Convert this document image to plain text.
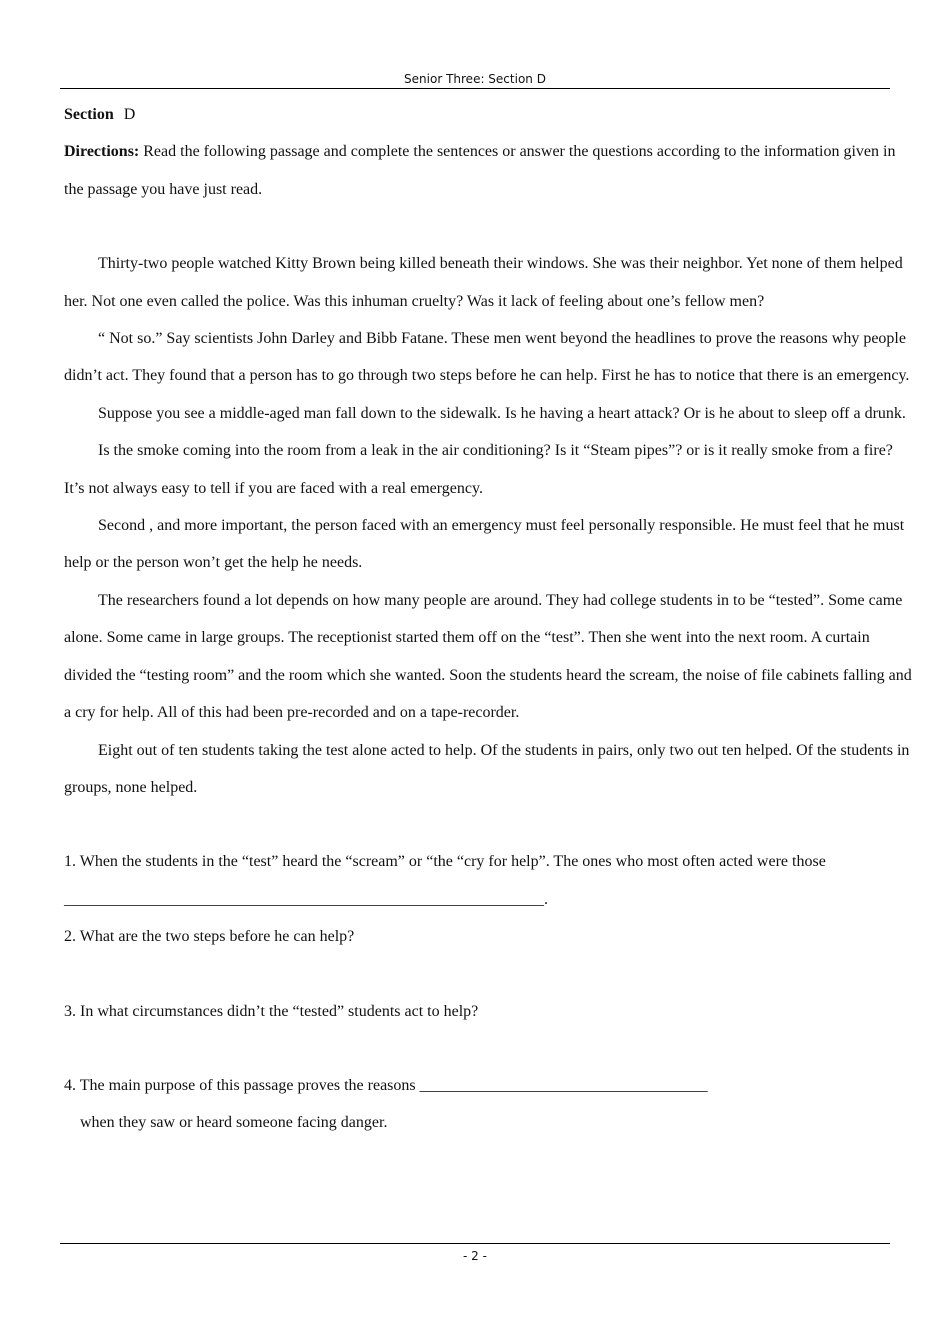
Senior Three: Section D

Section D

Directions: Read the following passage and complete the sentences or answer the questions according to the information given in the passage you have just read.

Thirty-two people watched Kitty Brown being killed beneath their windows. She was their neighbor. Yet none of them helped her. Not one even called the police. Was this inhuman cruelty? Was it lack of feeling about one’s fellow men?

“ Not so.” Say scientists John Darley and Bibb Fatane. These men went beyond the headlines to prove the reasons why people didn’t act. They found that a person has to go through two steps before he can help. First he has to notice that there is an emergency.

Suppose you see a middle-aged man fall down to the sidewalk. Is he having a heart attack? Or is he about to sleep off a drunk.

Is the smoke coming into the room from a leak in the air conditioning? Is it “Steam pipes”? or is it really smoke from a fire? It’s not always easy to tell if you are faced with a real emergency.

Second , and more important, the person faced with an emergency must feel personally responsible. He must feel that he must help or the person won’t get the help he needs.

The researchers found a lot depends on how many people are around. They had college students in to be “tested”. Some came alone. Some came in large groups. The receptionist started them off on the “test”. Then she went into the next room. A curtain divided the “testing room” and the room which she wanted. Soon the students heard the scream, the noise of file cabinets falling and a cry for help. All of this had been pre-recorded and on a tape-recorder.

Eight out of ten students taking the test alone acted to help. Of the students in pairs, only two out ten helped. Of the students in groups, none helped.

1. When the students in the “test” heard the “scream” or “the “cry for help”. The ones who most often acted were those

____________________________________________________________.

2. What are the two steps before he can help?

3. In what circumstances didn’t the “tested” students act to help?

4. The main purpose of this passage proves the reasons ____________________________________

when they saw or heard someone facing danger.

- 2 -
